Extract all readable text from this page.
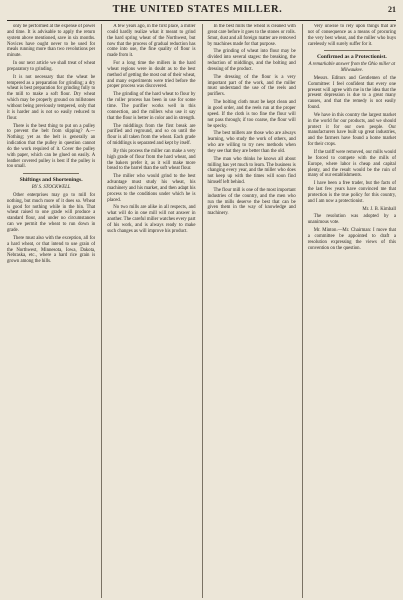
THE UNITED STATES MILLER.	21

only be performed at the expense of power and time. It is advisable to apply the return system above mentioned, save in six months. Novices have ought never to be used for meals running more than two revolutions per minute.

In our next article we shall treat of wheat preparatory to grinding.

It is not necessary that the wheat be tempered as a preparation for grinding; a dry wheat is best preparation for grinding fully to the mill to make a soft flour. Dry wheat which may be properly ground on millstones without being previously tempered, only that it is harder and is not so easily reduced to flour.

There is the best thing to put on a pulley to prevent the belt from slipping? A.—Nothing; yet as the belt is generally an indication that the pulley in question cannot do the work required of it. Cover the pulley with paper, which can be glued on easily. A leather covered pulley is best if the pulley is too small.

Shiftings and Shortenings.
BY S. STOCKWELL

Other enterprises may go to mill for nothing, but much more of it does so. Wheat is good for nothing while in the bin. That wheat raised to one grade will produce a standard flour, and under no circumstances can we permit the wheat to run down in grade.

There must also with the exception, all for a hard wheat, or that intend to use grain of the Northwest, Minnesota, Iowa, Dakota, Nebraska, etc., where a hard rice grain is grown among the hills.

A few years ago, in the first place, a miller could hardly realize what it meant to grind the hard spring wheat of the Northwest, but now that the process of gradual reduction has come into use, the fine quality of flour is made from it.

For a long time the millers in the hard wheat regions were in doubt as to the best method of getting the most out of their wheat, and many experiments were tried before the proper process was discovered.

The grinding of the hard wheat to flour by the roller process has been in use for some time. The purifier works well in this connection, and the millers who use it say that the flour is better in color and in strength.

The middlings from the first break are purified and reground, and so on until the flour is all taken from the wheat. Each grade of middlings is separated and kept by itself.

By this process the miller can make a very high grade of flour from the hard wheat, and the bakers prefer it, as it will make more bread to the barrel than the soft wheat flour.

The miller who would grind to the best advantage must study his wheat, his machinery and his market, and then adapt his process to the conditions under which he is placed.

No two mills are alike in all respects, and what will do in one mill will not answer in another. The careful miller watches every part of his work, and is always ready to make such changes as will improve his product.

In the best mills the wheat is cleaned with great care before it goes to the stones or rolls. Smut, dust and all foreign matter are removed by machines made for that purpose.

The grinding of wheat into flour may be divided into several stages: the breaking, the reduction of middlings, and the bolting and dressing of the product.

The dressing of the flour is a very important part of the work, and the miller must understand the use of the reels and purifiers.

The bolting cloth must be kept clean and in good order, and the reels run at the proper speed. If the cloth is too fine the flour will not pass through; if too coarse, the flour will be specky.

The best millers are those who are always learning, who study the work of others, and who are willing to try new methods when they see that they are better than the old.

The man who thinks he knows all about milling has yet much to learn. The business is changing every year, and the miller who does not keep up with the times will soon find himself left behind.

The flour mill is one of the most important industries of the country, and the men who run the mills deserve the best that can be given them in the way of knowledge and machinery.

Very unwise to rely upon things that are not of consequence as a means of procuring the very best wheat, and the miller who buys carelessly will surely suffer for it.

Confirmed as a Protectionist.
A remarkable answer from the Ohio miller at Milwaukee.

Messrs. Editors and Gentlemen of the Committee: I feel confident that every one present will agree with me in the idea that the present depression is due to a great many causes, and that the remedy is not easily found.

We have in this country the largest market in the world for our products, and we should protect it for our own people. Our manufacturers have built up great industries, and the farmers have found a home market for their crops.

If the tariff were removed, our mills would be forced to compete with the mills of Europe, where labor is cheap and capital plenty, and the result would be the ruin of many of our establishments.

I have been a free trader, but the facts of the last few years have convinced me that protection is the true policy for this country, and I am now a protectionist.

Mr. J. B. Kimball

The resolution was adopted by a unanimous vote.

Mr. Minton.—Mr. Chairman: I move that a committee be appointed to draft a resolution expressing the views of this convention on the question.
